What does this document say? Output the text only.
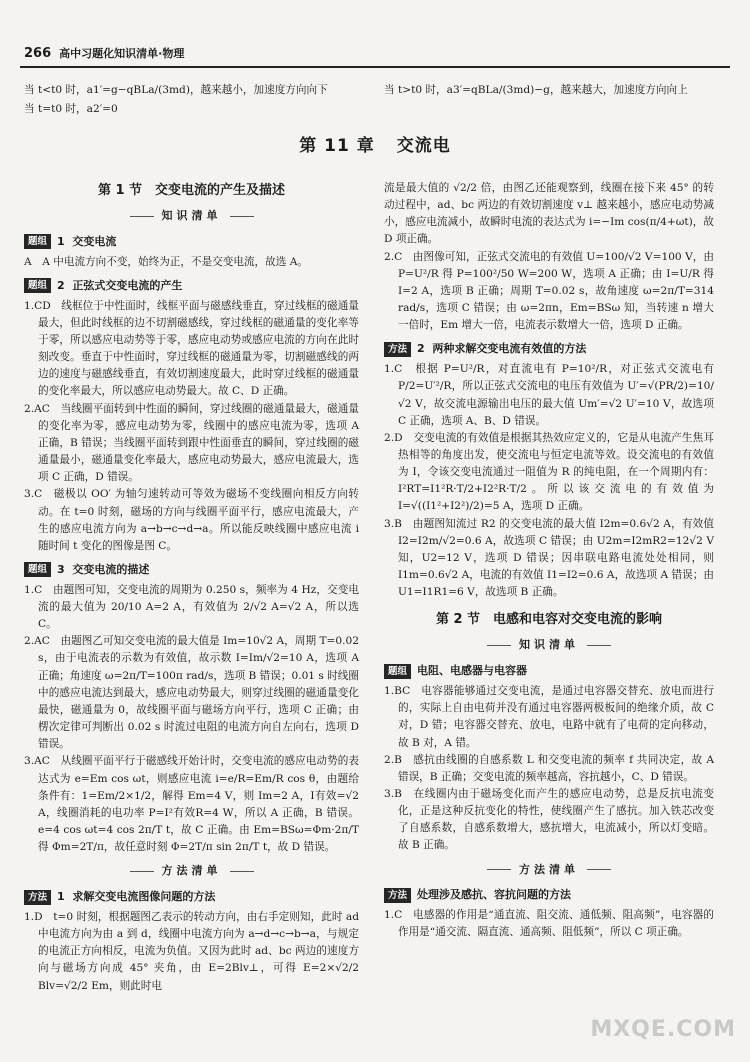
266 高中习题化知识清单·物理
当 t<t0 时，a1′=g−qBLa/(3md)，越来越小，加速度方向向下
当 t=t0 时，a2′=0
当 t>t0 时，a3′=qBLa/(3md)−g，越来越大，加速度方向向上
第 11 章 交流电
第 1 节　交变电流的产生及描述
知识清单
题组 1
交变电流
A　A 中电流方向不变，始终为正，不是交变电流，故选 A。
题组 2
正弦式交变电流的产生
1.CD　线框位于中性面时，线框平面与磁感线垂直，穿过线框的磁通量最大，但此时线框的边不切割磁感线，穿过线框的磁通量的变化率等于零，所以感应电动势等于零，感应电动势或感应电流的方向在此时刻改变。垂直于中性面时，穿过线框的磁通量为零，切割磁感线的两边的速度与磁感线垂直，有效切割速度最大，此时穿过线框的磁通量的变化率最大，所以感应电动势最大。故 C、D 正确。
2.AC　当线圈平面转到中性面的瞬间，穿过线圈的磁通量最大，磁通量的变化率为零，感应电动势为零，线圈中的感应电流为零，选项 A 正确，B 错误；当线圈平面转到跟中性面垂直的瞬间，穿过线圈的磁通量最小，磁通量变化率最大，感应电动势最大，感应电流最大，选项 C 正确，D 错误。
3.C　磁极以 OO′ 为轴匀速转动可等效为磁场不变线圈向相反方向转动。在 t=0 时刻，磁场的方向与线圈平面平行，感应电流最大，产生的感应电流方向为 a→b→c→d→a。所以能反映线圈中感应电流 i 随时间 t 变化的图像是图 C。
题组 3
交变电流的描述
1.C　由题图可知，交变电流的周期为 0.250 s，频率为 4 Hz，交变电流的最大值为 20/10 A=2 A，有效值为 2/√2 A=√2 A，所以选 C。
2.AC　由题图乙可知交变电流的最大值是 Im=10√2 A，周期 T=0.02 s，由于电流表的示数为有效值，故示数 I=Im/√2=10 A，选项 A 正确；角速度 ω=2π/T=100π rad/s，选项 B 错误；0.01 s 时线圈中的感应电流达到最大，感应电动势最大，则穿过线圈的磁通量变化最快，磁通量为 0，故线圈平面与磁场方向平行，选项 C 正确；由楞次定律可判断出 0.02 s 时流过电阻的电流方向自左向右，选项 D 错误。
3.AC　从线圈平面平行于磁感线开始计时，交变电流的感应电动势的表达式为 e=Em cos ωt，则感应电流 i=e/R=Em/R cos θ，由题给条件有：1=Em/2×1/2，解得 Em=4 V，则 Im=2 A，I有效=√2 A，线圈消耗的电功率 P=I²有效R=4 W，所以 A 正确，B 错误。e=4 cos ωt=4 cos 2π/T t，故 C 正确。由 Em=BSω=Φm·2π/T 得 Φm=2T/π，故任意时刻 Φ=2T/π sin 2π/T t，故 D 错误。
方法清单
方法 1
求解交变电流图像问题的方法
1.D　t=0 时刻，根据题图乙表示的转动方向，由右手定则知，此时 ad 中电流方向为由 a 到 d，线圈中电流方向为 a→d→c→b→a，与规定的电流正方向相反，电流为负值。又因为此时 ad、bc 两边的速度方向与磁场方向成 45° 夹角，由 E=2Blv⊥，可得 E=2×√2/2 Blv=√2/2 Em，则此时电
流是最大值的 √2/2 倍，由图乙还能观察到，线圈在接下来 45° 的转动过程中，ad、bc 两边的有效切割速度 v⊥ 越来越小，感应电动势减小，感应电流减小，故瞬时电流的表达式为 i=−Im cos(π/4+ωt)，故 D 项正确。
2.C　由图像可知，正弦式交流电的有效值 U=100/√2 V=100 V，由 P=U²/R 得 P=100²/50 W=200 W，选项 A 正确；由 I=U/R 得 I=2 A，选项 B 正确；周期 T=0.02 s，故角速度 ω=2π/T=314 rad/s，选项 C 错误；由 ω=2πn，Em=BSω 知，当转速 n 增大一倍时，Em 增大一倍，电流表示数增大一倍，选项 D 正确。
方法 2
两种求解交变电流有效值的方法
1.C　根据 P=U²/R，对直流电有 P=10²/R，对正弦式交流电有 P/2=U′²/R，所以正弦式交流电的电压有效值为 U′=√(PR/2)=10/√2 V，故交流电源输出电压的最大值 Um′=√2 U′=10 V，故选项 C 正确，选项 A、B、D 错误。
2.D　交变电流的有效值是根据其热效应定义的，它是从电流产生焦耳热相等的角度出发，使交流电与恒定电流等效。设交流电的有效值为 I，令该交变电流通过一阻值为 R 的纯电阻，在一个周期内有：I²RT=I1²R·T/2+I2²R·T/2。所以该交流电的有效值为 I=√((I1²+I2²)/2)=5 A，选项 D 正确。
3.B　由题图知流过 R2 的交变电流的最大值 I2m=0.6√2 A，有效值 I2=I2m/√2=0.6 A，故选项 C 错误；由 U2m=I2mR2=12√2 V 知，U2=12 V，选项 D 错误；因串联电路电流处处相同，则 I1m=0.6√2 A，电流的有效值 I1=I2=0.6 A，故选项 A 错误；由 U1=I1R1=6 V，故选项 B 正确。
第 2 节　电感和电容对交变电流的影响
知识清单
题组 电阻、电感器与电容器
1.BC　电容器能够通过交变电流，是通过电容器交替充、放电而进行的，实际上自由电荷并没有通过电容器两极板间的绝缘介质，故 C 对，D 错；电容器交替充、放电，电路中就有了电荷的定向移动，故 B 对，A 错。
2.B　感抗由线圈的自感系数 L 和交变电流的频率 f 共同决定，故 A 错误，B 正确；交变电流的频率越高，容抗越小，C、D 错误。
3.B　在线圈内由于磁场变化而产生的感应电动势，总是反抗电流变化，正是这种反抗变化的特性，使线圈产生了感抗。加入铁芯改变了自感系数，自感系数增大，感抗增大，电流减小，所以灯变暗。故 B 正确。
方法清单
方法 处理涉及感抗、容抗问题的方法
1.C　电感器的作用是“通直流、阻交流、通低频、阻高频”，电容器的作用是“通交流、隔直流、通高频、阻低频”，所以 C 项正确。
MXQE.COM
